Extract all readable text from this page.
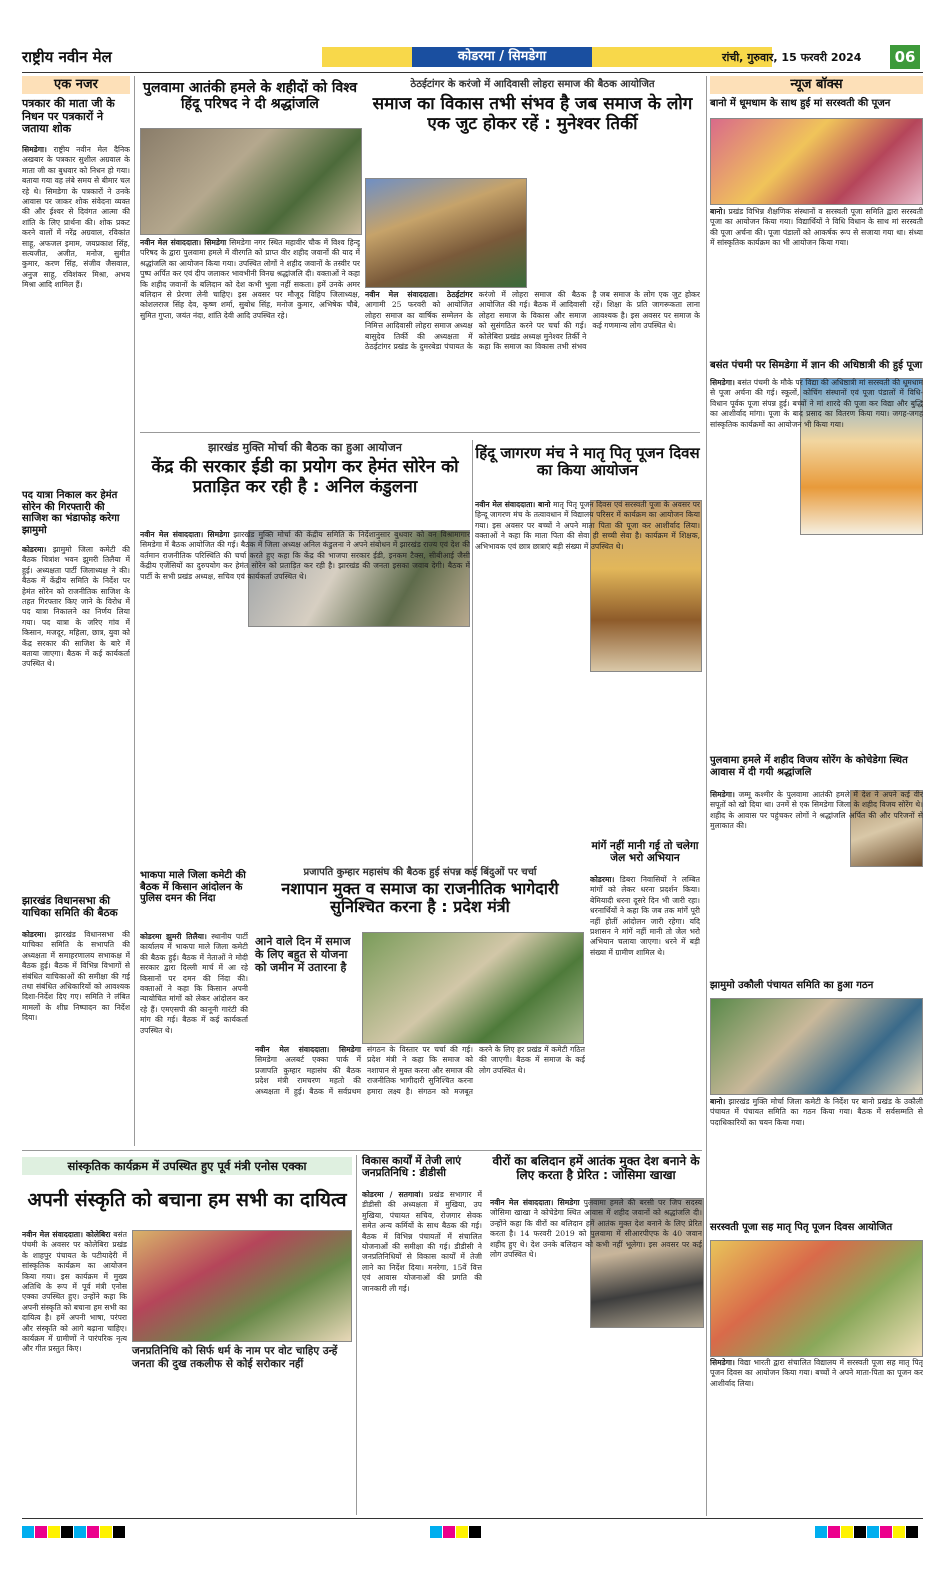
राष्ट्रीय नवीन मेल	कोडरमा / सिमडेगा	रांची, गुरुवार, 15 फरवरी 2024	06
एक नजर
पत्रकार की माता जी के निधन पर पत्रकारों ने जताया शोक
सिमडेगा। राष्ट्रीय नवीन मेल दैनिक अखबार के पत्रकार सुशील अग्रवाल के माता जी का बुधवार को निधन हो गया। बताया गया वह लंबे समय से बीमार चल रहे थे। सिमडेगा के पत्रकारों ने उनके आवास पर जाकर शोक संवेदना व्यक्त की और ईश्वर से दिवंगत आत्मा की शांति के लिए प्रार्थना की। शोक प्रकट करने वालों में नरेंद्र अग्रवाल, रविकांत साहू, अफजल इमाम, जयप्रकाश सिंह, सत्यजीत, अजीत, मनोज, सुमीत कुमार, करण सिंह, संजीव जैसवाल, अनुज साहू, रविशंकर मिश्रा, अभय मिश्रा आदि शामिल हैं।
पद यात्रा निकाल कर हेमंत सोरेन की गिरफ्तारी की साजिश का भंडाफोड़ करेगा झामुमो
कोडरमा। झामुमो जिला कमेटी की बैठक चित्रांश भवन झुमरी तिलैया में हुई। अध्यक्षता पार्टी जिलाध्यक्ष ने की। बैठक में केंद्रीय समिति के निर्देश पर हेमंत सोरेन को राजनीतिक साजिश के तहत गिरफ्तार किए जाने के विरोध में पद यात्रा निकालने का निर्णय लिया गया। पद यात्रा के जरिए गांव में किसान, मजदूर, महिला, छात्र, युवा को केंद्र सरकार की साजिश के बारे में बताया जाएगा। बैठक में कई कार्यकर्ता उपस्थित थे।
झारखंड विधानसभा की याचिका समिति की बैठक
कोडरमा। झारखंड विधानसभा की याचिका समिति के सभापति की अध्यक्षता में समाहरणालय सभाकक्ष में बैठक हुई। बैठक में विभिन्न विभागों से संबंधित याचिकाओं की समीक्षा की गई तथा संबंधित अधिकारियों को आवश्यक दिशा-निर्देश दिए गए। समिति ने लंबित मामलों के शीघ्र निष्पादन का निर्देश दिया।
पुलवामा आतंकी हमले के शहीदों को विश्व हिंदू परिषद ने दी श्रद्धांजलि
नवीन मेल संवाददाता। सिमडेगा सिमडेगा नगर स्थित महावीर चौक में विश्व हिन्दू परिषद के द्वारा पुलवामा हमले में वीरगति को प्राप्त वीर शहीद जवानों की याद में श्रद्धांजलि का आयोजन किया गया। उपस्थित लोगों ने शहीद जवानों के तस्वीर पर पुष्प अर्पित कर एवं दीप जलाकर भावभीनी विनम्र श्रद्धांजलि दी। वक्ताओं ने कहा कि शहीद जवानों के बलिदान को देश कभी भुला नहीं सकता। हमें उनके अमर बलिदान से प्रेरणा लेनी चाहिए। इस अवसर पर मौजूद विहिप जिलाध्यक्ष, कोशलराज सिंह देव, कृष्ण शर्मा, सुबोध सिंह, मनोज कुमार, अभिषेक चौबे, सुमित गुप्ता, जयंत नंदा, शांति देवी आदि उपस्थित रहे।
ठेठईटांगर के करंजो में आदिवासी लोहरा समाज की बैठक आयोजित
समाज का विकास तभी संभव है जब समाज के लोग एक जुट होकर रहें : मुनेश्वर तिर्की
नवीन मेल संवाददाता। ठेठईटांगर आगामी 25 फरवरी को आयोजित लोहरा समाज का वार्षिक सम्मेलन के निमित्त आदिवासी लोहरा समाज अध्यक्ष बासुदेव तिर्की की अध्यक्षता में ठेठईटांगर प्रखंड के दुमरबेडा पंचायत के करंजो में लोहरा समाज की बैठक आयोजित की गई। बैठक में आदिवासी लोहरा समाज के विकास और समाज को सुसंगठित करने पर चर्चा की गई। कोलेबिरा प्रखंड अध्यक्ष मुनेश्वर तिर्की ने कहा कि समाज का विकास तभी संभव है जब समाज के लोग एक जुट होकर रहें। शिक्षा के प्रति जागरूकता लाना आवश्यक है। इस अवसर पर समाज के कई गणमान्य लोग उपस्थित थे।
झारखंड मुक्ति मोर्चा की बैठक का हुआ आयोजन
केंद्र की सरकार ईडी का प्रयोग कर हेमंत सोरेन को प्रताड़ित कर रही है : अनिल कंडुलना
नवीन मेल संवाददाता। सिमडेगा झारखंड मुक्ति मोर्चा की केंद्रीय समिति के निर्देशानुसार बुधवार को वन विश्रामागार सिमडेगा में बैठक आयोजित की गई। बैठक में जिला अध्यक्ष अनिल कंडुलना ने अपने संबोधन में झारखंड राज्य एवं देश की वर्तमान राजनीतिक परिस्थिति की चर्चा करते हुए कहा कि केंद्र की भाजपा सरकार ईडी, इनकम टैक्स, सीबीआई जैसी केंद्रीय एजेंसियों का दुरुपयोग कर हेमंत सोरेन को प्रताड़ित कर रही है। झारखंड की जनता इसका जवाब देगी। बैठक में पार्टी के सभी प्रखंड अध्यक्ष, सचिव एवं कार्यकर्ता उपस्थित थे।
हिंदू जागरण मंच ने मातृ पितृ पूजन दिवस का किया आयोजन
नवीन मेल संवाददाता। बानो मातृ पितृ पूजन दिवस एवं सरस्वती पूजा के अवसर पर हिन्दू जागरण मंच के तत्वावधान में विद्यालय परिसर में कार्यक्रम का आयोजन किया गया। इस अवसर पर बच्चों ने अपने माता पिता की पूजा कर आशीर्वाद लिया। वक्ताओं ने कहा कि माता पिता की सेवा ही सच्ची सेवा है। कार्यक्रम में शिक्षक, अभिभावक एवं छात्र छात्राएं बड़ी संख्या में उपस्थित थे।
भाकपा माले जिला कमेटी की बैठक में किसान आंदोलन के पुलिस दमन की निंदा
कोडरमा झुमरी तिलैया। स्थानीय पार्टी कार्यालय में भाकपा माले जिला कमेटी की बैठक हुई। बैठक में नेताओं ने मोदी सरकार द्वारा दिल्ली मार्च में आ रहे किसानों पर दमन की निंदा की। वक्ताओं ने कहा कि किसान अपनी न्यायोचित मांगों को लेकर आंदोलन कर रहे हैं। एमएसपी की कानूनी गारंटी की मांग की गई। बैठक में कई कार्यकर्ता उपस्थित थे।
प्रजापति कुम्हार महासंघ की बैठक हुई संपन्न कई बिंदुओं पर चर्चा
नशापान मुक्त व समाज का राजनीतिक भागेदारी सुनिश्चित करना है : प्रदेश मंत्री
आने वाले दिन में समाज के लिए बहुत से योजना को जमीन में उतारना है
नवीन मेल संवाददाता। सिमडेगा सिमडेगा अलबर्ट एक्का पार्क में प्रजापति कुम्हार महासंघ की बैठक प्रदेश मंत्री रामचरण महतो की अध्यक्षता में हुई। बैठक में सर्वप्रथम संगठन के विस्तार पर चर्चा की गई। प्रदेश मंत्री ने कहा कि समाज को नशापान से मुक्त करना और समाज की राजनीतिक भागीदारी सुनिश्चित करना हमारा लक्ष्य है। संगठन को मजबूत करने के लिए हर प्रखंड में कमेटी गठित की जाएगी। बैठक में समाज के कई लोग उपस्थित थे।
मांगें नहीं मानी गई तो चलेगा जेल भरो अभियान
कोडरमा। डिबरा निवासियों ने लम्बित मांगों को लेकर धरना प्रदर्शन किया। बेमियादी धरना दूसरे दिन भी जारी रहा। धरनार्थियों ने कहा कि जब तक मांगें पूरी नहीं होतीं आंदोलन जारी रहेगा। यदि प्रशासन ने मांगें नहीं मानी तो जेल भरो अभियान चलाया जाएगा। धरने में बड़ी संख्या में ग्रामीण शामिल थे।
सांस्कृतिक कार्यक्रम में उपस्थित हुए पूर्व मंत्री एनोस एक्का
अपनी संस्कृति को बचाना हम सभी का दायित्व
जनप्रतिनिधि को सिर्फ धर्म के नाम पर वोट चाहिए उन्हें जनता की दुख तकलीफ से कोई सरोकार नहीं
नवीन मेल संवाददाता। कोलेबिरा बसंत पंचमी के अवसर पर कोलेबिरा प्रखंड के शाहपुर पंचायत के पटीयादेरी में सांस्कृतिक कार्यक्रम का आयोजन किया गया। इस कार्यक्रम में मुख्य अतिथि के रूप में पूर्व मंत्री एनोस एक्का उपस्थित हुए। उन्होंने कहा कि अपनी संस्कृति को बचाना हम सभी का दायित्व है। हमें अपनी भाषा, परंपरा और संस्कृति को आगे बढ़ाना चाहिए। कार्यक्रम में ग्रामीणों ने पारंपरिक नृत्य और गीत प्रस्तुत किए।
विकास कार्यों में तेजी लाएं जनप्रतिनिधि : डीडीसी
कोडरमा / सतगावां। प्रखंड सभागार में डीडीसी की अध्यक्षता में मुखिया, उप मुखिया, पंचायत सचिव, रोजगार सेवक समेत अन्य कर्मियों के साथ बैठक की गई। बैठक में विभिन्न पंचायतों में संचालित योजनाओं की समीक्षा की गई। डीडीसी ने जनप्रतिनिधियों से विकास कार्यों में तेजी लाने का निर्देश दिया। मनरेगा, 15वें वित्त एवं आवास योजनाओं की प्रगति की जानकारी ली गई।
वीरों का बलिदान हमें आतंक मुक्त देश बनाने के लिए करता है प्रेरित : जोसिमा खाखा
नवीन मेल संवाददाता। सिमडेगा पुलवामा हमले की बरसी पर जिप सदस्य जोसिमा खाखा ने कोचेडेगा स्थित आवास में शहीद जवानों को श्रद्धांजलि दी। उन्होंने कहा कि वीरों का बलिदान हमें आतंक मुक्त देश बनाने के लिए प्रेरित करता है। 14 फरवरी 2019 को पुलवामा में सीआरपीएफ के 40 जवान शहीद हुए थे। देश उनके बलिदान को कभी नहीं भूलेगा। इस अवसर पर कई लोग उपस्थित थे।
न्यूज बॉक्स
बानो में धूमधाम के साथ हुई मां सरस्वती की पूजन
बानो। प्रखंड विभिन्न शैक्षणिक संस्थानों व सरस्वती पूजा समिति द्वारा सरस्वती पूजा का आयोजन किया गया। विद्यार्थियों ने विधि विधान के साथ मां सरस्वती की पूजा अर्चना की। पूजा पंडालों को आकर्षक रूप से सजाया गया था। संध्या में सांस्कृतिक कार्यक्रम का भी आयोजन किया गया।
बसंत पंचमी पर सिमडेगा में ज्ञान की अधिष्ठात्री की हुई पूजा
सिमडेगा। बसंत पंचमी के मौके पर विद्या की अधिष्ठात्री मां सरस्वती की धूमधाम से पूजा अर्चना की गई। स्कूलों, कोचिंग संस्थानों एवं पूजा पंडालों में विधि-विधान पूर्वक पूजा संपन्न हुई। बच्चों ने मां शारदे की पूजा कर विद्या और बुद्धि का आशीर्वाद मांगा। पूजा के बाद प्रसाद का वितरण किया गया। जगह-जगह सांस्कृतिक कार्यक्रमों का आयोजन भी किया गया।
पुलवामा हमले में शहीद विजय सोरेंग के कोचेडेगा स्थित आवास में दी गयी श्रद्धांजलि
सिमडेगा। जम्मू कश्मीर के पुलवामा आतंकी हमले में देश ने अपने कई वीर सपूतों को खो दिया था। उनमें से एक सिमडेगा जिला के शहीद विजय सोरेंग थे। शहीद के आवास पर पहुंचकर लोगों ने श्रद्धांजलि अर्पित की और परिजनों से मुलाकात की।
झामुमो उकौली पंचायत समिति का हुआ गठन
बानो। झारखंड मुक्ति मोर्चा जिला कमेटी के निर्देश पर बानो प्रखंड के उकौली पंचायत में पंचायत समिति का गठन किया गया। बैठक में सर्वसम्मति से पदाधिकारियों का चयन किया गया।
सरस्वती पूजा सह मातृ पितृ पूजन दिवस आयोजित
सिमडेगा। विद्या भारती द्वारा संचालित विद्यालय में सरस्वती पूजा सह मातृ पितृ पूजन दिवस का आयोजन किया गया। बच्चों ने अपने माता-पिता का पूजन कर आशीर्वाद लिया।
